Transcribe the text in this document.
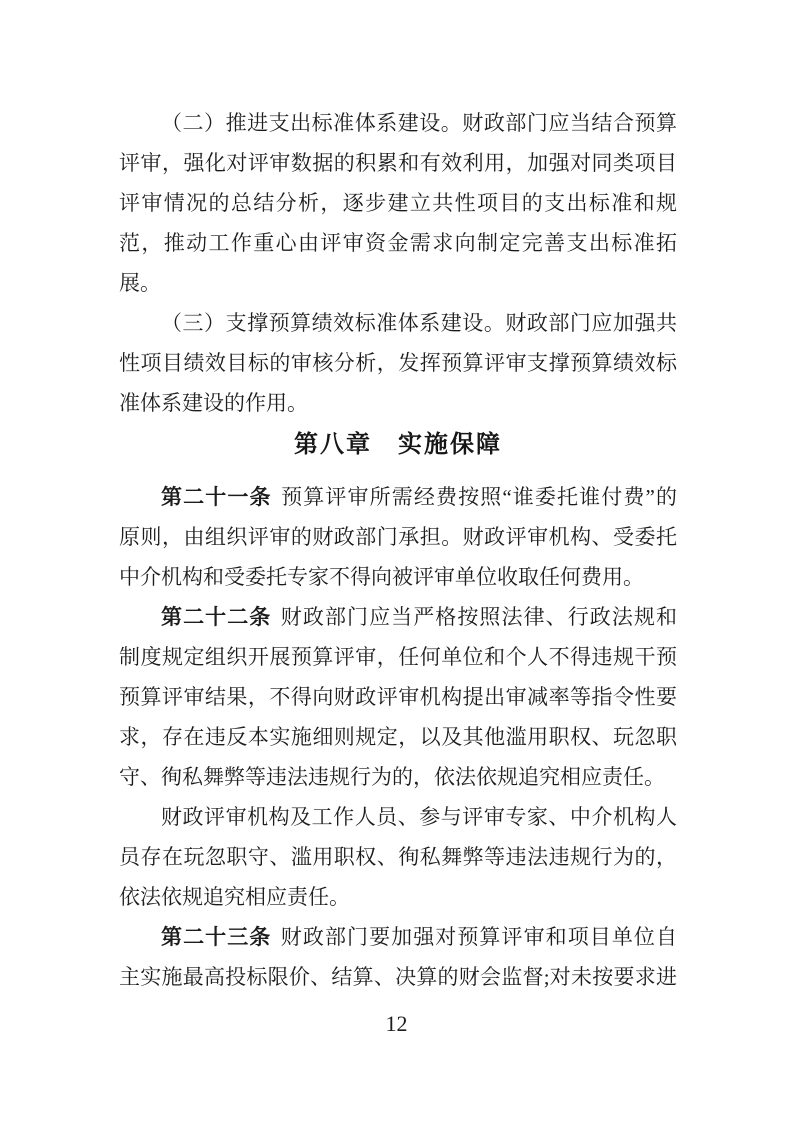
（二）推进支出标准体系建设。财政部门应当结合预算
评审，强化对评审数据的积累和有效利用，加强对同类项目
评审情况的总结分析，逐步建立共性项目的支出标准和规
范，推动工作重心由评审资金需求向制定完善支出标准拓
展。
（三）支撑预算绩效标准体系建设。财政部门应加强共
性项目绩效目标的审核分析，发挥预算评审支撑预算绩效标
准体系建设的作用。
第八章　实施保障
第二十一条 预算评审所需经费按照“谁委托谁付费”的
原则，由组织评审的财政部门承担。财政评审机构、受委托
中介机构和受委托专家不得向被评审单位收取任何费用。
第二十二条 财政部门应当严格按照法律、行政法规和
制度规定组织开展预算评审，任何单位和个人不得违规干预
预算评审结果，不得向财政评审机构提出审减率等指令性要
求，存在违反本实施细则规定，以及其他滥用职权、玩忽职
守、徇私舞弊等违法违规行为的，依法依规追究相应责任。
财政评审机构及工作人员、参与评审专家、中介机构人
员存在玩忽职守、滥用职权、徇私舞弊等违法违规行为的，
依法依规追究相应责任。
第二十三条 财政部门要加强对预算评审和项目单位自
主实施最高投标限价、结算、决算的财会监督;对未按要求进
12
